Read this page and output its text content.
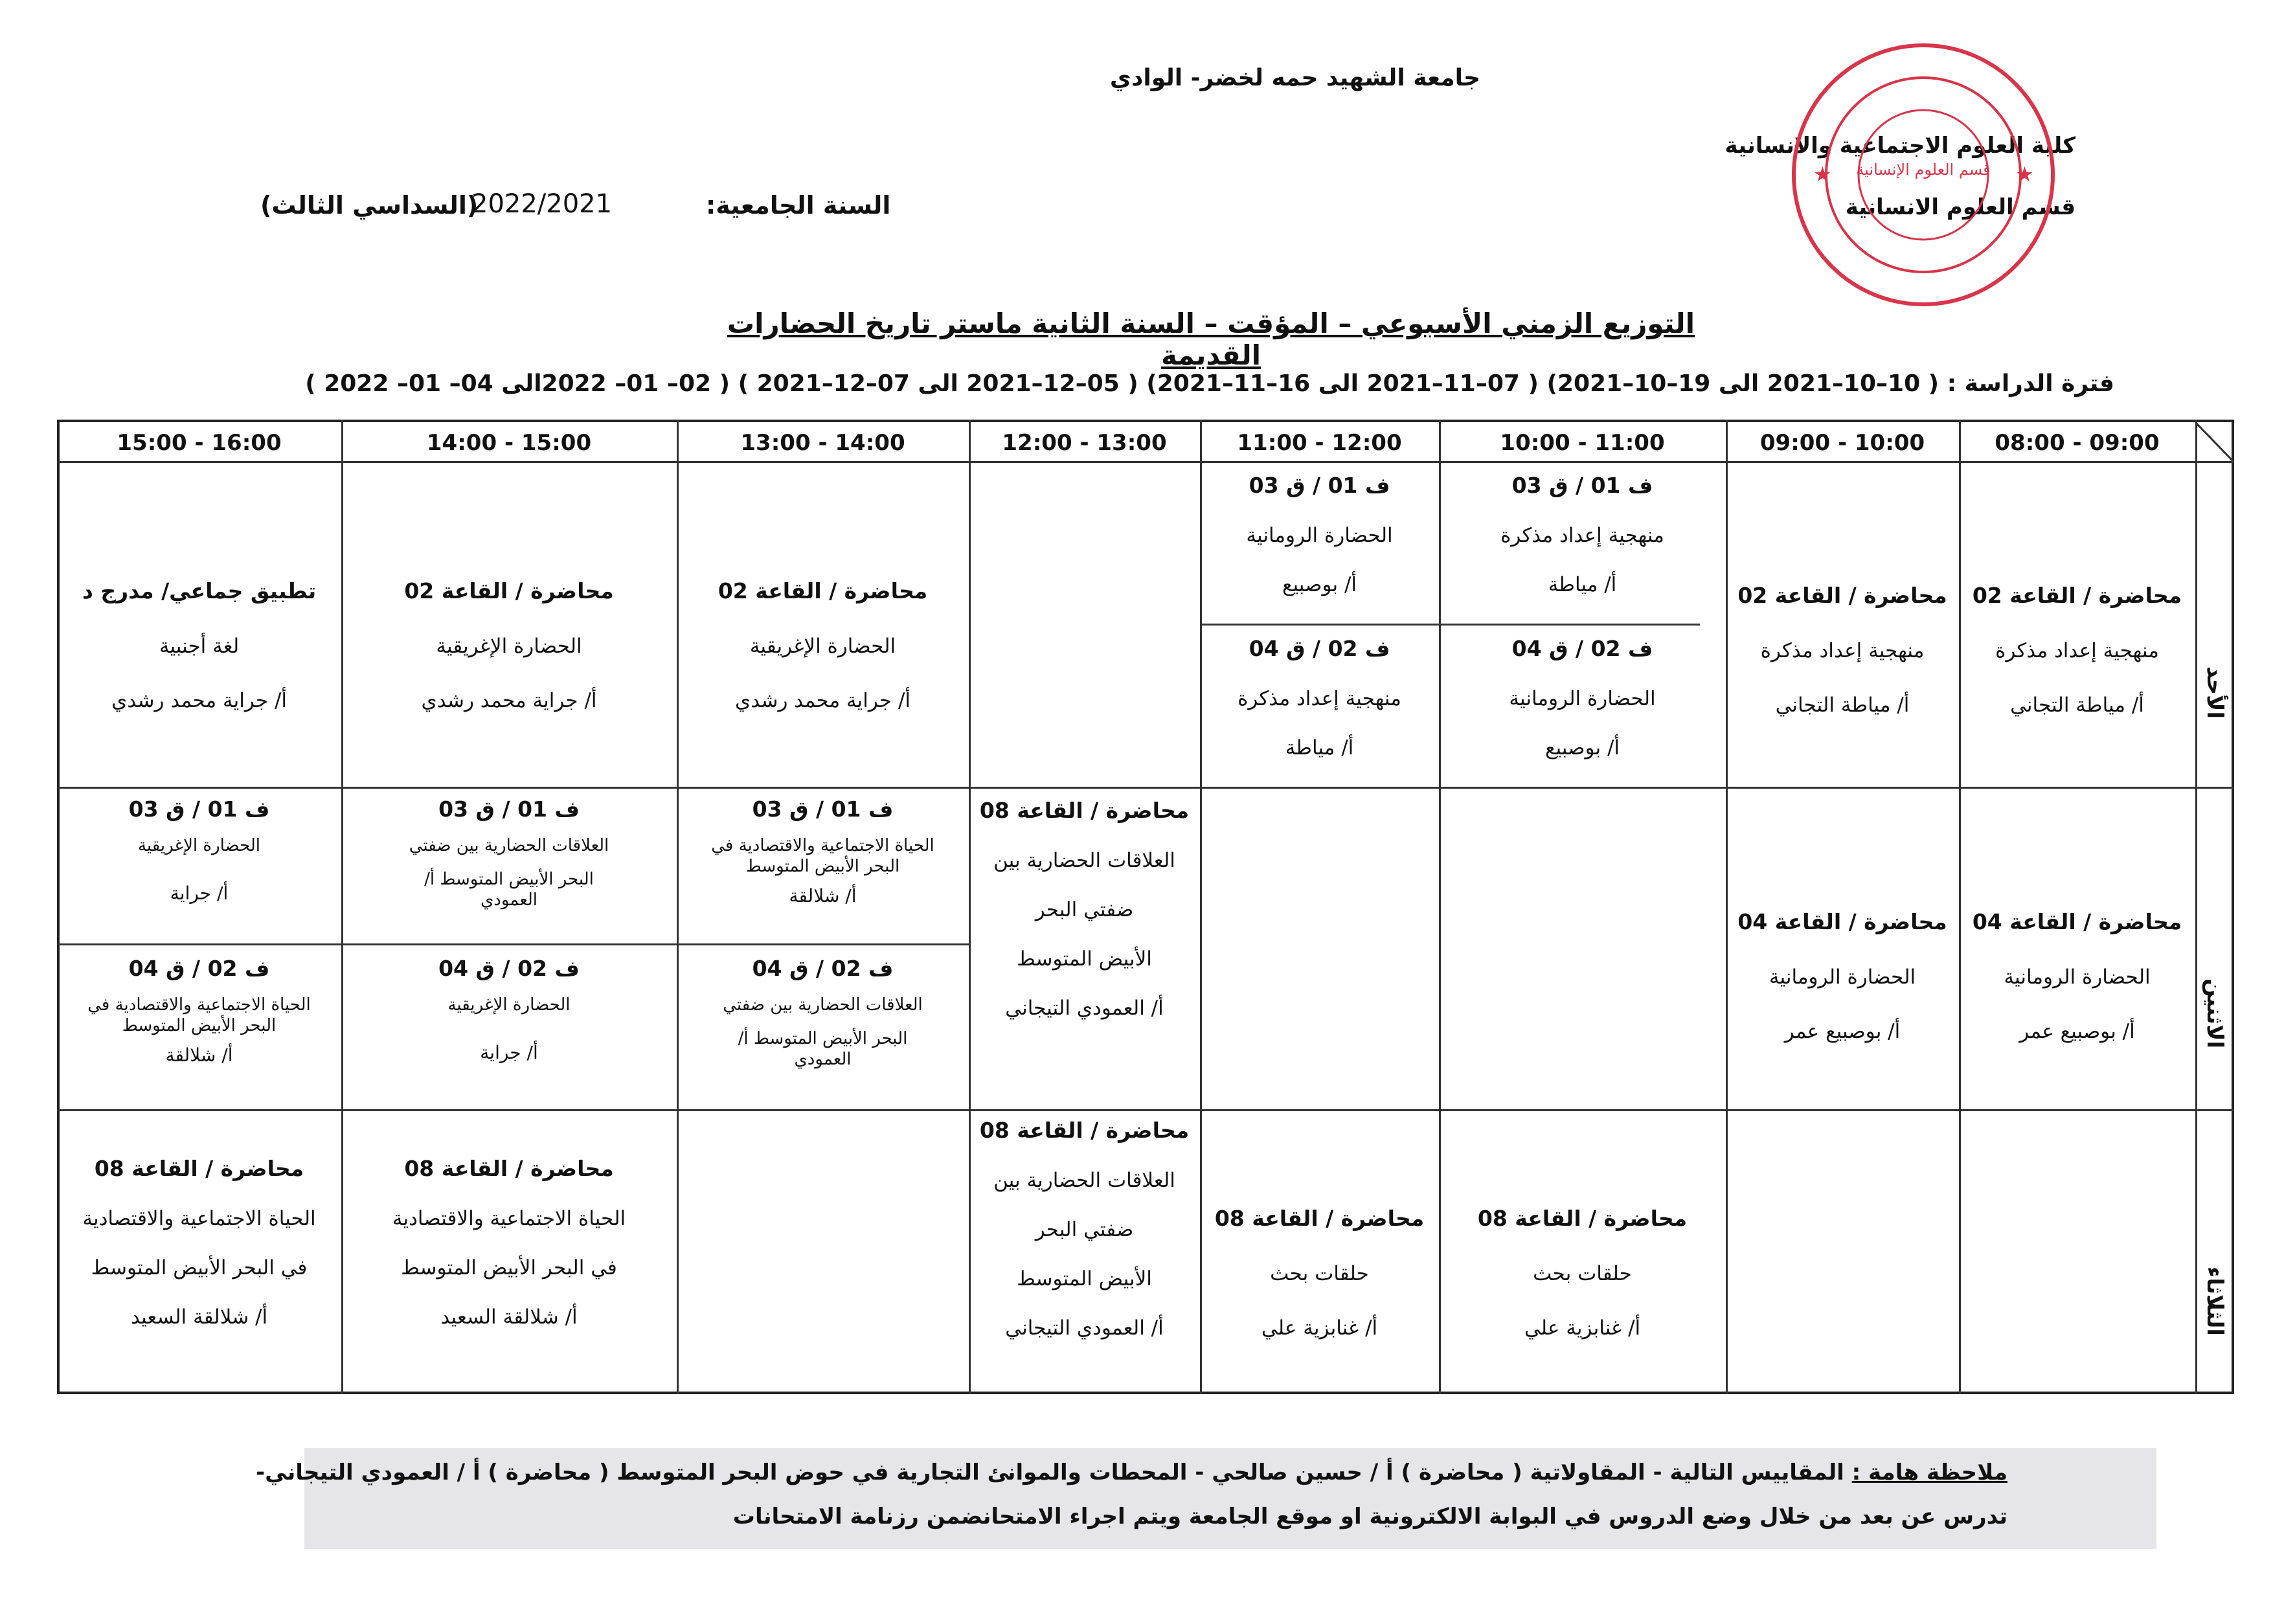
جامعة الشهيد حمه لخضر- الوادي
كلية العلوم الاجتماعية والانسانية
قسم العلوم الانسانية
السنة الجامعية:
2022/2021
(السداسي الثالث)
قسم العلوم الإنسانية
★	★
التوزيع الزمني الأسبوعي – المؤقت – السنة الثانية ماستر تاريخ الحضارات القديمة
فترة الدراسة : ( 10–10–2021 الى 19–10–2021) ( 07–11–2021 الى 16–11–2021) ( 05–12–2021 الى 07–12–2021 ) ( 02– 01– 2022الى 04– 01– 2022 )
08:00 - 09:00
09:00 - 10:00
10:00 - 11:00
11:00 - 12:00
12:00 - 13:00
13:00 - 14:00
14:00 - 15:00
15:00 - 16:00
الأحد
الاثنين
الثلاثاء
محاضرة / القاعة 02
منهجية إعداد مذكرة
أ/ مياطة التجاني
محاضرة / القاعة 02
منهجية إعداد مذكرة
أ/ مياطة التجاني
ف 01 / ق 03
منهجية إعداد مذكرة
أ/ مياطة
ف 02 / ق 04
الحضارة الرومانية
أ/ بوصبيع
ف 01 / ق 03
الحضارة الرومانية
أ/ بوصبيع
ف 02 / ق 04
منهجية إعداد مذكرة
أ/ مياطة
محاضرة / القاعة 02
الحضارة الإغريقية
أ/ جراية محمد رشدي
محاضرة / القاعة 02
الحضارة الإغريقية
أ/ جراية محمد رشدي
تطبيق جماعي/ مدرج د
لغة أجنبية
أ/ جراية محمد رشدي
محاضرة / القاعة 04
الحضارة الرومانية
أ/ بوصبيع عمر
محاضرة / القاعة 04
الحضارة الرومانية
أ/ بوصبيع عمر
محاضرة / القاعة 08
العلاقات الحضارية بين
ضفتي البحر
الأبيض المتوسط
أ/ العمودي التيجاني
ف 01 / ق 03
الحياة الاجتماعية والاقتصادية في
البحر الأبيض المتوسط
أ/ شلالقة
ف 02 / ق 04
العلاقات الحضارية بين ضفتي
البحر الأبيض المتوسط أ/
العمودي
ف 01 / ق 03
العلاقات الحضارية بين ضفتي
البحر الأبيض المتوسط أ/
العمودي
ف 02 / ق 04
الحضارة الإغريقية
أ/ جراية
ف 01 / ق 03
الحضارة الإغريقية
أ/ جراية
ف 02 / ق 04
الحياة الاجتماعية والاقتصادية في
البحر الأبيض المتوسط
أ/ شلالقة
محاضرة / القاعة 08
حلقات بحث
أ/ غنابزية علي
محاضرة / القاعة 08
حلقات بحث
أ/ غنابزية علي
محاضرة / القاعة 08
العلاقات الحضارية بين
ضفتي البحر
الأبيض المتوسط
أ/ العمودي التيجاني
محاضرة / القاعة 08
الحياة الاجتماعية والاقتصادية
في البحر الأبيض المتوسط
أ/ شلالقة السعيد
محاضرة / القاعة 08
الحياة الاجتماعية والاقتصادية
في البحر الأبيض المتوسط
أ/ شلالقة السعيد
ملاحظة هامة : المقاييس التالية - المقاولاتية ( محاضرة ) أ / حسين صالحي - المحطات والموانئ التجارية في حوض البحر المتوسط ( محاضرة ) أ / العمودي التيجاني-
تدرس عن بعد من خلال وضع الدروس في البوابة الالكترونية او موقع الجامعة ويتم اجراء الامتحانضمن رزنامة الامتحانات
